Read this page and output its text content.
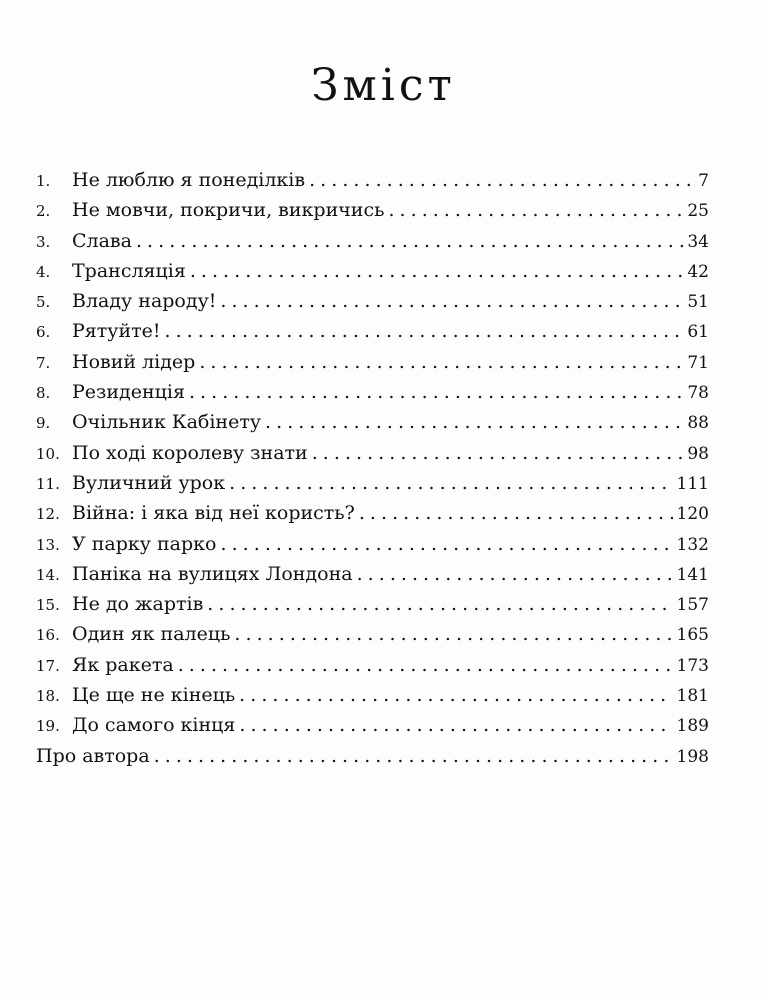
Зміст
1.	Не люблю я понеділків . . .	7
2.	Не мовчи, покричи, викричись . . .	25
3.	Слава . . .	34
4.	Трансляція . . .	42
5.	Владу народу! . . .	51
6.	Рятуйте! . . .	61
7.	Новий лідер . . .	71
8.	Резиденція . . .	78
9.	Очільник Кабінету . . .	88
10. По ході королеву знати . . .	98
11. Вуличний урок . . .	111
12. Війна: і яка від неї користь? . . .	120
13. У парку парко . . .	132
14. Паніка на вулицях Лондона . . .	141
15. Не до жартів . . .	157
16. Один як палець . . .	165
17. Як ракета . . .	173
18. Це ще не кінець . . .	181
19. До самого кінця . . .	189
Про автора . . .	198
